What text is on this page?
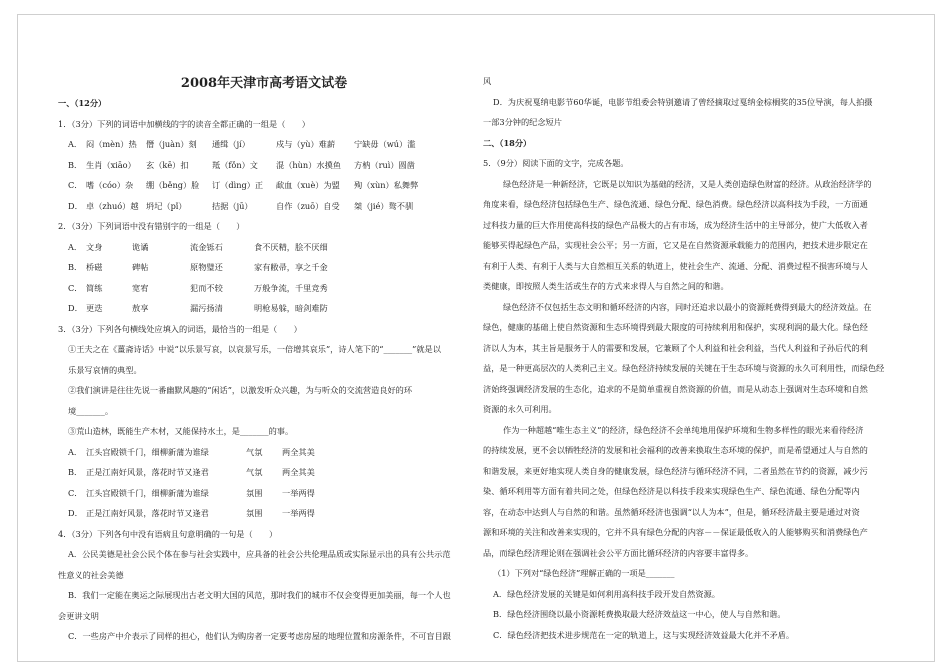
2008年天津市高考语文试卷
一、（12分）
1．（3分）下列的词语中加横线的字的读音全都正确的一组是（　　）
A． 闷（mèn）热	僭（juàn）刻	通缉（jí）	戍与（yù）难薪	宁缺毋（wú）滥
B． 生肖（xiāo）	玄（kē）扣	羝（fǒn）文	混（hùn）水摸鱼	方枘（ruì）圆凿
C． 嗜（cóo）杂	绷（běng）脸	订（dìng）正	歃血（xuè）为盟	殉（xùn）私舞弊
D． 卓（zhuó）越 坍圮（pǐ）	拮据（jū）	自作（zuō）自受	桀（jié）骜不驯
2．（3分）下列词语中没有错别字的一组是（　　）
A． 文身	诡谲	流金铄石	食不厌精，脍不厌细
B． 桥磁	碑帖	原物璧还	家有敝帚，享之千金
C． 简练	宽宥	犯而不较	万般争流，千里竞秀
D． 更迭	敖享	漏污扬清	明枪易躲，暗剑难防
3．（3分）下列各句横线处应填入的词语，最恰当的一组是（　　）
①王夫之在《薑斋诗话》中说“以乐景写哀，以哀景写乐，一倍增其哀乐”，诗人笔下的“_______”就是以
乐景写哀情的典型。
②我们演讲是往往先说一番幽默风趣的“闲话”，以激发听众兴趣，为与听众的交流营造良好的环
境_______。
③荒山造林，既能生产木材，又能保持水土，是_______的事。
A． 江头宫殿锁千门，细柳新蒲为谁绿	气氛	两全其美
B． 正是江南好风景，落花时节又逢君	气氛	两全其美
C． 江头宫殿锁千门，细柳新蒲为谁绿	氛围	一举两得
D． 正是江南好风景，落花时节又逢君	氛围	一举两得
4．（3分）下列各句中没有语病且句意明确的一句是（　　）
A．公民美德是社会公民个体在参与社会实践中，应具备的社会公共伦理品质或实际显示出的具有公共示范
性意义的社会美德
B．我们一定能在奥运之际展现出古老文明大国的风范，那时我们的城市不仅会变得更加美丽，每一个人也
会更讲文明
C．一些房产中介表示了同样的担心，他们认为购房者一定要考虑房屋的地理位置和房源条件，不可盲目跟
风
D．为庆祝戛纳电影节60华诞，电影节组委会特别邀请了曾经摘取过戛纳金棕榈奖的35位导演，每人拍摄
一部3分钟的纪念短片
二、（18分）
5．（9分）阅读下面的文字，完成各题。
绿色经济是一种新经济，它既是以知识为基础的经济，又是人类创造绿色财富的经济。从政治经济学的
角度来看，绿色经济包括绿色生产、绿色流通、绿色分配、绿色消费。绿色经济以高科技为手段，一方面通
过科技力量的巨大作用使高科技的绿色产品极大的占有市场，成为经济生活中的主导部分，使广大低收入者
能够买得起绿色产品，实现社会公平；另一方面，它又是在自然资源承载能力的范围内，把技术进步限定在
有利于人类、有利于人类与大自然相互关系的轨道上，使社会生产、流通、分配、消费过程不损害环境与人
类健康，即按照人类生活或生存的方式来求得人与自然之间的和谐。
绿色经济不仅包括生态文明和循环经济的内容，同时还追求以最小的资源耗费得到最大的经济效益。在
绿色，健康的基础上使自然资源和生态环境得到最大限度的可持续利用和保护，实现利润的最大化。绿色经
济以人为本，其主旨是服务于人的需要和发展，它兼顾了个人利益和社会利益，当代人利益和子孙后代的利
益，是一种更高层次的人类利己主义。绿色经济持续发展的关键在于生态环境与资源的永久可利用性，而绿色经
济始终强调经济发展的生态化，追求的不是简单重视自然资源的价值，而是从动态上强调对生态环境和自然
资源的永久可利用。
作为一种超越“唯生态主义”的经济，绿色经济不会单纯地用保护环境和生物多样性的眼光来看待经济
的持续发展，更不会以牺牲经济的发展和社会福利的改善来换取生态环境的保护，而是希望通过人与自然的
和谐发展，来更好地实现人类自身的健康发展，绿色经济与循环经济不同，二者虽然在节约的资源，减少污
染、循环利用等方面有着共同之处，但绿色经济是以科技手段来实现绿色生产、绿色流通、绿色分配等内
容，在动态中达到人与自然的和谐。虽然循环经济也强调“以人为本”，但是，循环经济最主要是通过对资
源和环境的关注和改善来实现的，它并不具有绿色分配的内容－－保证最低收入的人能够购买和消费绿色产
品，而绿色经济理论则在强调社会公平方面比循环经济的内容要丰富得多。
（1）下列对“绿色经济”理解正确的一项是_______
A．绿色经济发展的关键是如何利用高科技手段开发自然资源。
B．绿色经济围绕以最小资源耗费换取最大经济效益这一中心，使人与自然和谐。
C．绿色经济把技术进步规范在一定的轨道上，这与实现经济效益最大化并不矛盾。
